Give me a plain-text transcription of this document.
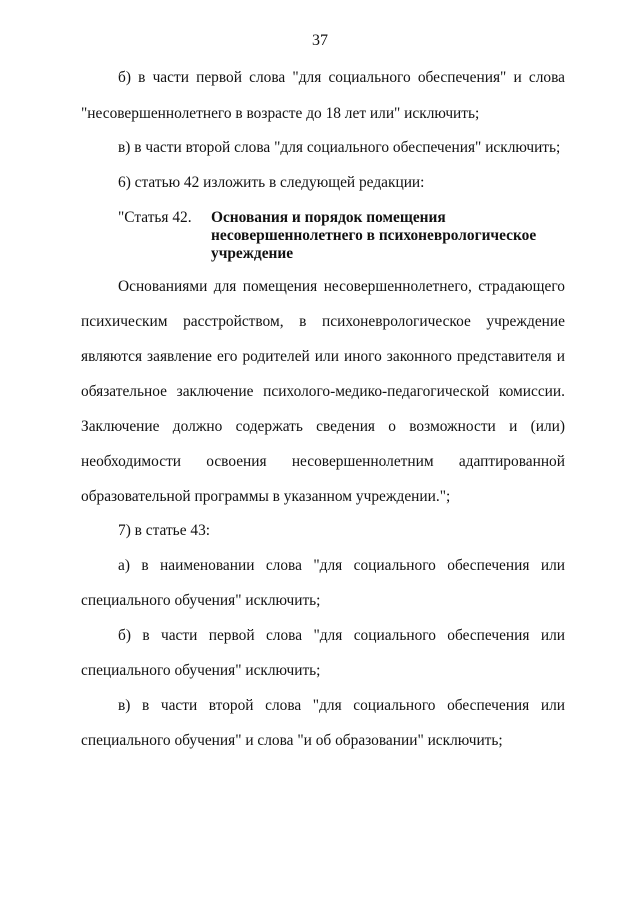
37
б) в части первой слова "для социального обеспечения" и слова
"несовершеннолетнего в возрасте до 18 лет или" исключить;
в) в части второй слова "для социального обеспечения" исключить;
6) статью 42 изложить в следующей редакции:
"Статья 42. Основания и порядок помещения
несовершеннолетнего в психоневрологическое
учреждение
Основаниями для помещения несовершеннолетнего, страдающего
психическим расстройством, в психоневрологическое учреждение
являются заявление его родителей или иного законного представителя и
обязательное заключение психолого-медико-педагогической комиссии.
Заключение должно содержать сведения о возможности и (или)
необходимости освоения несовершеннолетним адаптированной
образовательной программы в указанном учреждении.";
7) в статье 43:
а) в наименовании слова "для социального обеспечения или
специального обучения" исключить;
б) в части первой слова "для социального обеспечения или
специального обучения" исключить;
в) в части второй слова "для социального обеспечения или
специального обучения" и слова "и об образовании" исключить;
